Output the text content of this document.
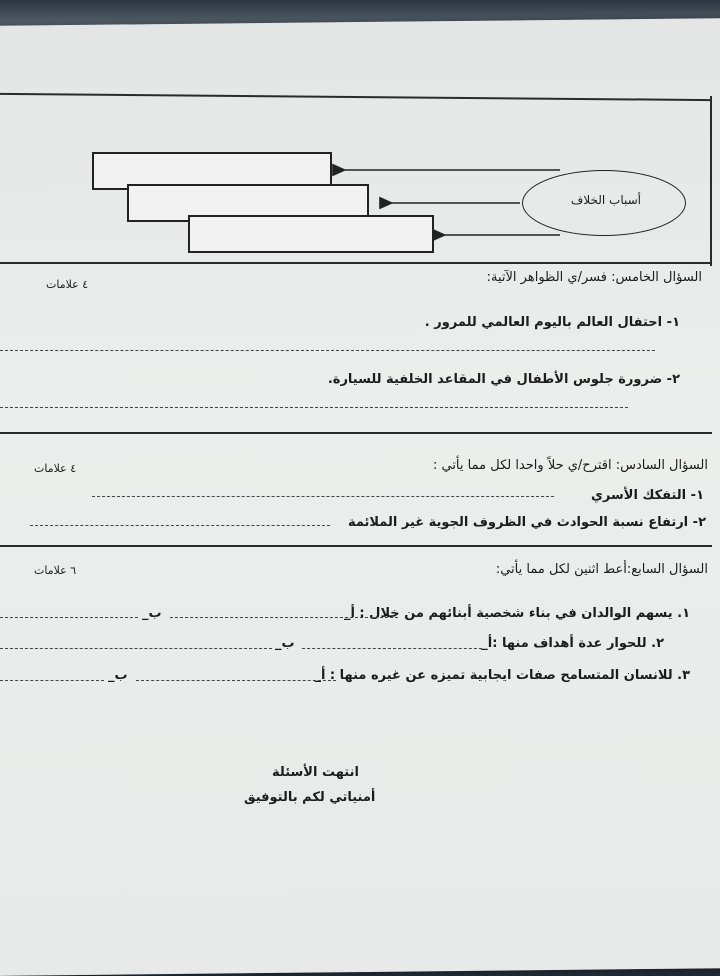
أسباب الخلاف
السؤال الخامس: فسر/ي الظواهر الآتية:
٤ علامات
١- احتفال العالم باليوم العالمي للمرور .
٢- ضرورة جلوس الأطفال في المقاعد الخلفية للسيارة.
السؤال السادس: اقترح/ي حلاً واحدا لكل مما يأتي :
٤ علامات
١- التفكك الأسري
٢- ارتفاع نسبة الحوادث في الظروف الجوية غير الملائمة
السؤال السابع:أعط اثنين لكل مما يأتي:
٦ علامات
١. يسهم الوالدان في بناء شخصية أبنائهم من خلال : أ_
ب_
٢. للحوار عدة أهداف منها :أ_
ب_
٣. للانسان المتسامح صفات ايجابية تميزه عن غيره منها : أ_
ب_
انتهت الأسئلة
أمنياتي لكم بالتوفيق
